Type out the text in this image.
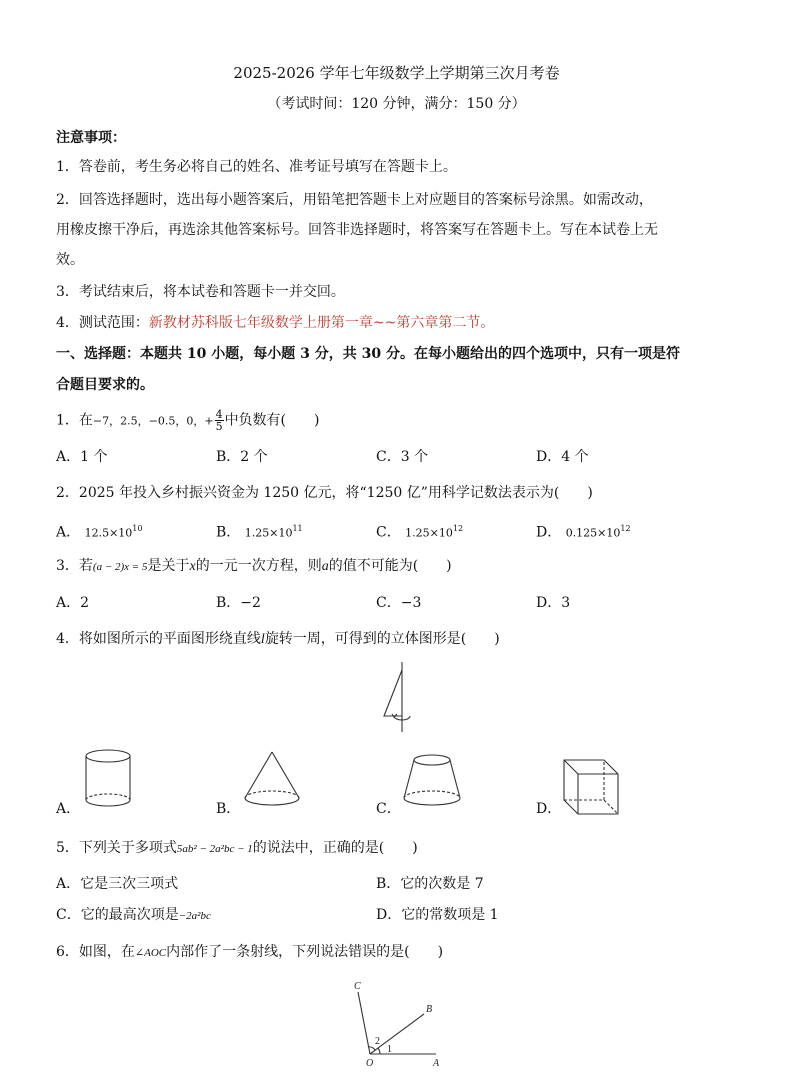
2025-2026 学年七年级数学上学期第三次月考卷
（考试时间：120 分钟，满分：150 分）
注意事项：
1．答卷前，考生务必将自己的姓名、准考证号填写在答题卡上。
2．回答选择题时，选出每小题答案后，用铅笔把答题卡上对应题目的答案标号涂黑。如需改动，
用橡皮擦干净后，再选涂其他答案标号。回答非选择题时，将答案写在答题卡上。写在本试卷上无
效。
3．考试结束后，将本试卷和答题卡一并交回。
4．测试范围：新教材苏科版七年级数学上册第一章~~第六章第二节。
一、选择题：本题共 10 小题，每小题 3 分，共 30 分。在每小题给出的四个选项中，只有一项是符
合题目要求的。
1．在−7，2.5，−0.5，0，+ $\frac{4}{5}$ 中负数有(　　)
A．1 个	B．2 个	C．3 个	D．4 个
2．2025 年投入乡村振兴资金为 1250 亿元，将“1250 亿”用科学记数法表示为(　　)
A． $12.5\times 10^{10}$	B． $1.25\times 10^{11}$	C． $1.25\times 10^{12}$	D． $0.125\times 10^{12}$
3．若(a − 2)x = 5是关于x的一元一次方程，则a的值不可能为(　　)
A．2	B．−2	C．−3	D．3
4．将如图所示的平面图形绕直线l旋转一周，可得到的立体图形是(　　)
A．	B．	C．	D．
5．下列关于多项式5ab² − 2a²bc − 1的说法中，正确的是(　　)
A．它是三次三项式	B．它的次数是 7
C．它的最高次项是−2a²bc	D．它的常数项是 1
6．如图，在∠AOC内部作了一条射线，下列说法错误的是(　　)
C
B
O	A
1
2
